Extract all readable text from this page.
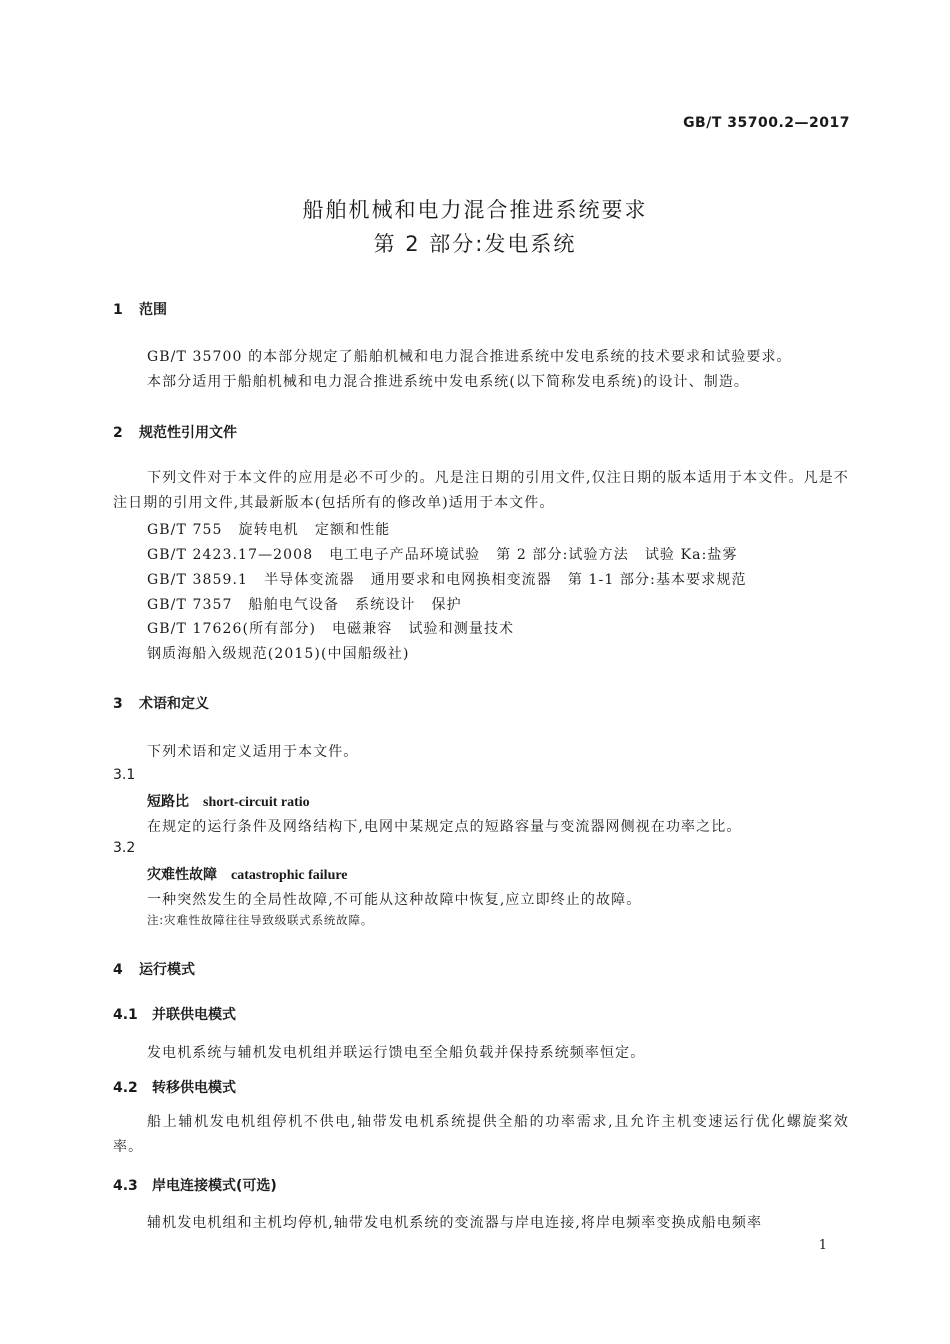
GB/T 35700.2—2017
船舶机械和电力混合推进系统要求
第 2 部分:发电系统
1 范围
GB/T 35700 的本部分规定了船舶机械和电力混合推进系统中发电系统的技术要求和试验要求。
本部分适用于船舶机械和电力混合推进系统中发电系统(以下简称发电系统)的设计、制造。
2 规范性引用文件
下列文件对于本文件的应用是必不可少的。凡是注日期的引用文件,仅注日期的版本适用于本文件。凡是不注日期的引用文件,其最新版本(包括所有的修改单)适用于本文件。
GB/T 755 旋转电机 定额和性能
GB/T 2423.17—2008 电工电子产品环境试验 第 2 部分:试验方法 试验 Ka:盐雾
GB/T 3859.1 半导体变流器 通用要求和电网换相变流器 第 1-1 部分:基本要求规范
GB/T 7357 船舶电气设备 系统设计 保护
GB/T 17626(所有部分) 电磁兼容 试验和测量技术
钢质海船入级规范(2015)(中国船级社)
3 术语和定义
下列术语和定义适用于本文件。
3.1
短路比 short-circuit ratio
在规定的运行条件及网络结构下,电网中某规定点的短路容量与变流器网侧视在功率之比。
3.2
灾难性故障 catastrophic failure
一种突然发生的全局性故障,不可能从这种故障中恢复,应立即终止的故障。
注:灾难性故障往往导致级联式系统故障。
4 运行模式
4.1 并联供电模式
发电机系统与辅机发电机组并联运行馈电至全船负载并保持系统频率恒定。
4.2 转移供电模式
船上辅机发电机组停机不供电,轴带发电机系统提供全船的功率需求,且允许主机变速运行优化螺旋桨效率。
4.3 岸电连接模式(可选)
辅机发电机组和主机均停机,轴带发电机系统的变流器与岸电连接,将岸电频率变换成船电频率
1
